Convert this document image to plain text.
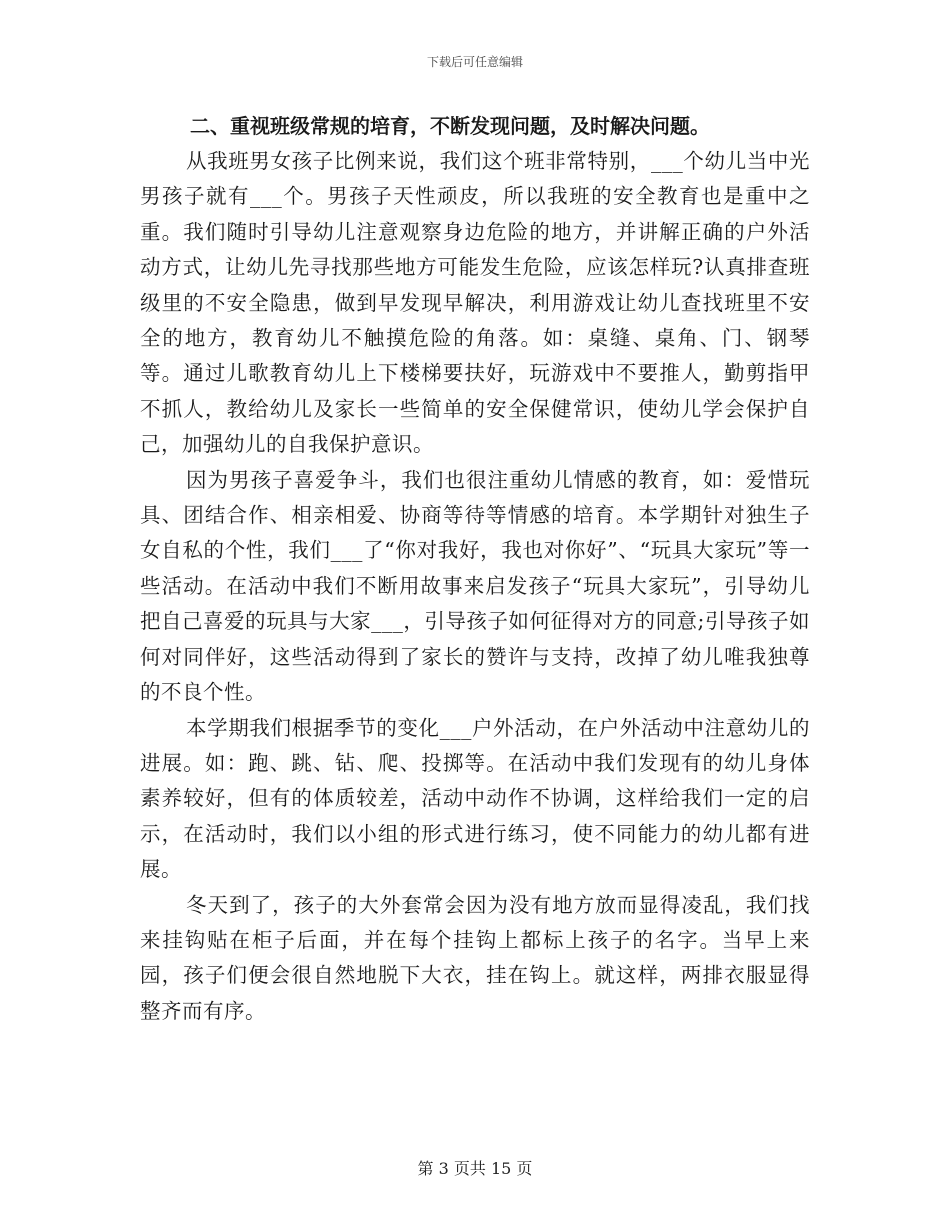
下载后可任意编辑

二、重视班级常规的培育，不断发现问题，及时解决问题。

从我班男女孩子比例来说，我们这个班非常特别，___个幼儿当中光男孩子就有___个。男孩子天性顽皮，所以我班的安全教育也是重中之重。我们随时引导幼儿注意观察身边危险的地方，并讲解正确的户外活动方式，让幼儿先寻找那些地方可能发生危险，应该怎样玩?认真排查班级里的不安全隐患，做到早发现早解决，利用游戏让幼儿查找班里不安全的地方，教育幼儿不触摸危险的角落。如：桌缝、桌角、门、钢琴等。通过儿歌教育幼儿上下楼梯要扶好，玩游戏中不要推人，勤剪指甲不抓人，教给幼儿及家长一些简单的安全保健常识，使幼儿学会保护自己，加强幼儿的自我保护意识。

因为男孩子喜爱争斗，我们也很注重幼儿情感的教育，如：爱惜玩具、团结合作、相亲相爱、协商等待等情感的培育。本学期针对独生子女自私的个性，我们___了“你对我好，我也对你好”、“玩具大家玩”等一些活动。在活动中我们不断用故事来启发孩子“玩具大家玩”，引导幼儿把自己喜爱的玩具与大家___，引导孩子如何征得对方的同意;引导孩子如何对同伴好，这些活动得到了家长的赞许与支持，改掉了幼儿唯我独尊的不良个性。

本学期我们根据季节的变化___户外活动，在户外活动中注意幼儿的进展。如：跑、跳、钻、爬、投掷等。在活动中我们发现有的幼儿身体素养较好，但有的体质较差，活动中动作不协调，这样给我们一定的启示，在活动时，我们以小组的形式进行练习，使不同能力的幼儿都有进展。

冬天到了，孩子的大外套常会因为没有地方放而显得凌乱，我们找来挂钩贴在柜子后面，并在每个挂钩上都标上孩子的名字。当早上来园，孩子们便会很自然地脱下大衣，挂在钩上。就这样，两排衣服显得整齐而有序。

第 3 页共 15 页
